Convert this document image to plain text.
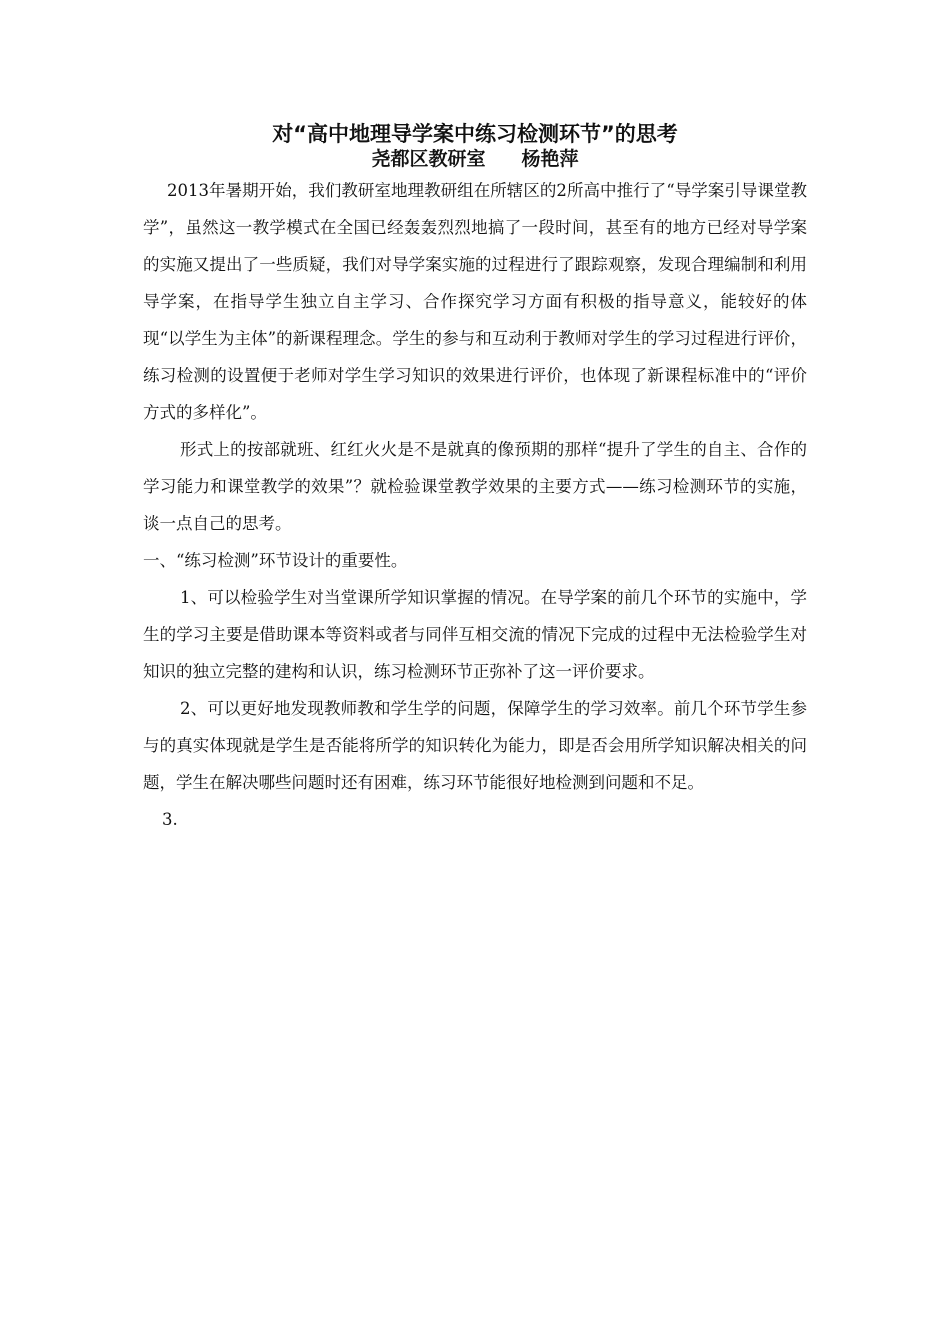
对“高中地理导学案中练习检测环节”的思考
尧都区教研室 杨艳萍

2013年暑期开始，我们教研室地理教研组在所辖区的2所高中推行了“导学案引导课堂教学”，虽然这一教学模式在全国已经轰轰烈烈地搞了一段时间，甚至有的地方已经对导学案的实施又提出了一些质疑，我们对导学案实施的过程进行了跟踪观察，发现合理编制和利用导学案，在指导学生独立自主学习、合作探究学习方面有积极的指导意义，能较好的体现“以学生为主体”的新课程理念。学生的参与和互动利于教师对学生的学习过程进行评价，练习检测的设置便于老师对学生学习知识的效果进行评价，也体现了新课程标准中的“评价方式的多样化”。

形式上的按部就班、红红火火是不是就真的像预期的那样“提升了学生的自主、合作的学习能力和课堂教学的效果”？就检验课堂教学效果的主要方式——练习检测环节的实施，谈一点自己的思考。

一、“练习检测”环节设计的重要性。

1、可以检验学生对当堂课所学知识掌握的情况。在导学案的前几个环节的实施中，学生的学习主要是借助课本等资料或者与同伴互相交流的情况下完成的过程中无法检验学生对知识的独立完整的建构和认识，练习检测环节正弥补了这一评价要求。

2、可以更好地发现教师教和学生学的问题，保障学生的学习效率。前几个环节学生参与的真实体现就是学生是否能将所学的知识转化为能力，即是否会用所学知识解决相关的问题，学生在解决哪些问题时还有困难，练习环节能很好地检测到问题和不足。

3.
